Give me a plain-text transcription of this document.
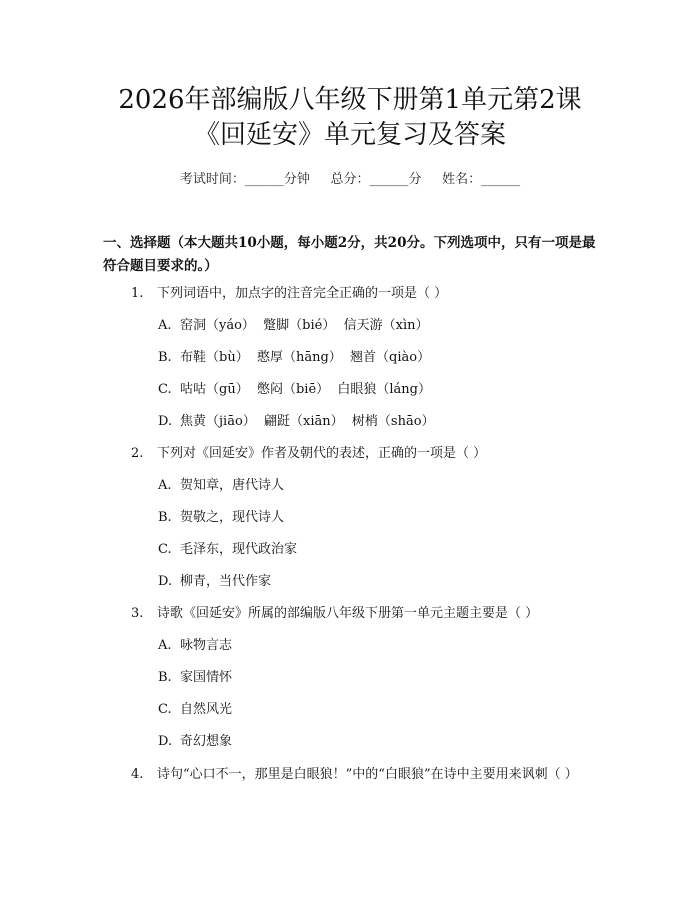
2026年部编版八年级下册第1单元第2课
《回延安》单元复习及答案
考试时间：______分钟     总分：______分     姓名：______
一、选择题（本大题共10小题，每小题2分，共20分。下列选项中，只有一项是最符合题目要求的。）
1. 下列词语中，加点字的注音完全正确的一项是（ ）
A. 窑洞（yáo）  蹩脚（bié）  信天游（xìn）
B. 布鞋（bù）  憨厚（hāng）  翘首（qiào）
C. 咕咕（gū）  憋闷（biē）  白眼狼（láng）
D. 焦黄（jiāo）  翩跹（xiān）  树梢（shāo）
2. 下列对《回延安》作者及朝代的表述，正确的一项是（ ）
A. 贺知章，唐代诗人
B. 贺敬之，现代诗人
C. 毛泽东，现代政治家
D. 柳青，当代作家
3. 诗歌《回延安》所属的部编版八年级下册第一单元主题主要是（ ）
A. 咏物言志
B. 家国情怀
C. 自然风光
D. 奇幻想象
4. 诗句“心口不一，那里是白眼狼！”中的“白眼狼”在诗中主要用来讽刺（ ）
